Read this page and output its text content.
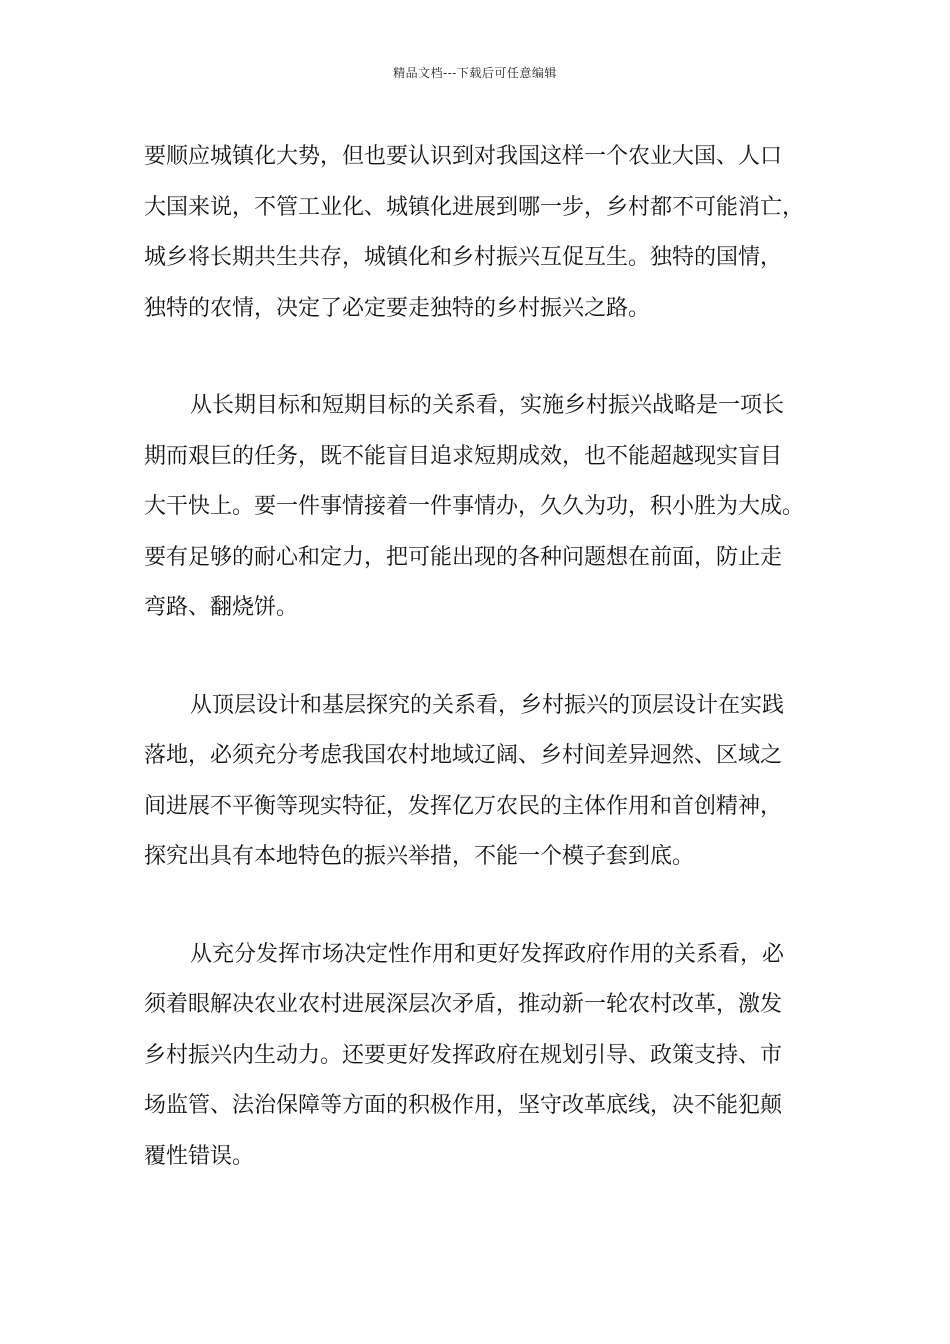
精品文档---下载后可任意编辑

要顺应城镇化大势，但也要认识到对我国这样一个农业大国、人口
大国来说，不管工业化、城镇化进展到哪一步，乡村都不可能消亡，
城乡将长期共生共存，城镇化和乡村振兴互促互生。独特的国情，
独特的农情，决定了必定要走独特的乡村振兴之路。

从长期目标和短期目标的关系看，实施乡村振兴战略是一项长
期而艰巨的任务，既不能盲目追求短期成效，也不能超越现实盲目
大干快上。要一件事情接着一件事情办，久久为功，积小胜为大成。
要有足够的耐心和定力，把可能出现的各种问题想在前面，防止走
弯路、翻烧饼。

从顶层设计和基层探究的关系看，乡村振兴的顶层设计在实践
落地，必须充分考虑我国农村地域辽阔、乡村间差异迥然、区域之
间进展不平衡等现实特征，发挥亿万农民的主体作用和首创精神，
探究出具有本地特色的振兴举措，不能一个模子套到底。

从充分发挥市场决定性作用和更好发挥政府作用的关系看，必
须着眼解决农业农村进展深层次矛盾，推动新一轮农村改革，激发
乡村振兴内生动力。还要更好发挥政府在规划引导、政策支持、市
场监管、法治保障等方面的积极作用，坚守改革底线，决不能犯颠
覆性错误。
